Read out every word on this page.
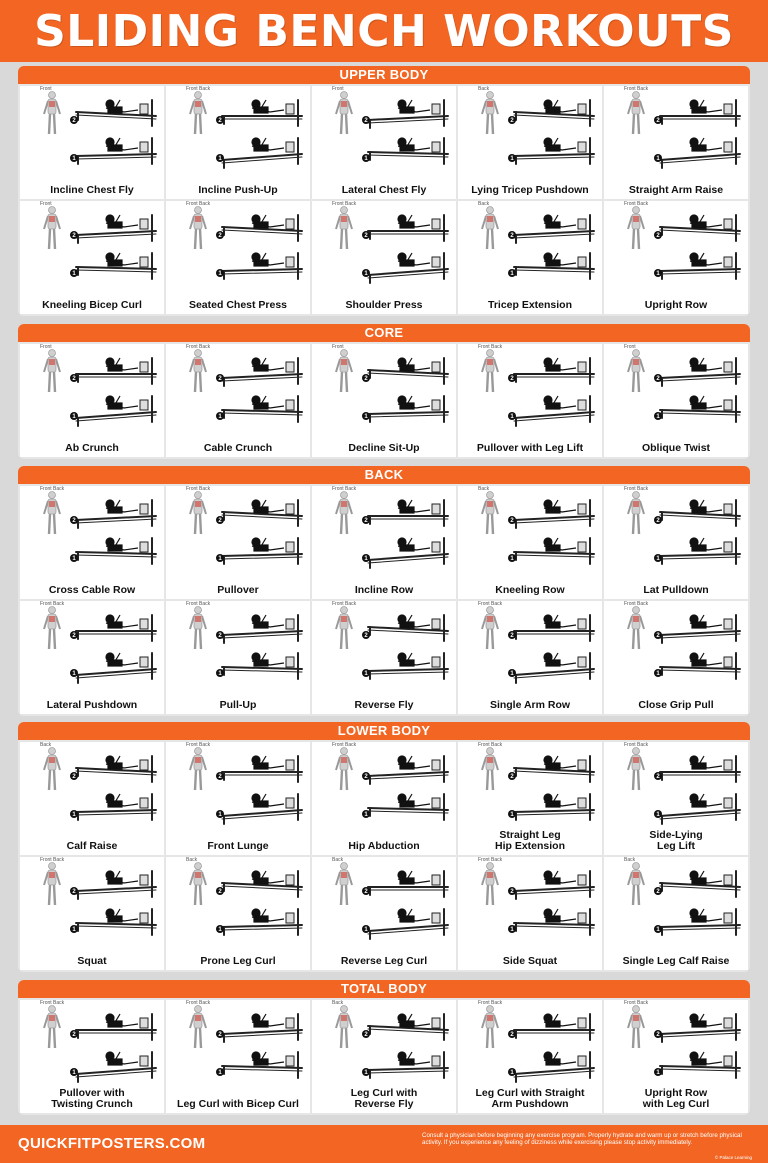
SLIDING BENCH WORKOUTS
UPPER BODY
Front
2
1
Incline Chest Fly
Front Back
2
1
Incline Push-Up
Front
2
1
Lateral Chest Fly
Back
2
1
Lying Tricep Pushdown
Front Back
2
1
Straight Arm Raise
Front
2
1
Kneeling Bicep Curl
Front Back
2
1
Seated Chest Press
Front Back
2
1
Shoulder Press
Back
2
1
Tricep Extension
Front Back
2
1
Upright Row
CORE
Front
2
1
Ab Crunch
Front Back
2
1
Cable Crunch
Front
2
1
Decline Sit-Up
Front Back
2
1
Pullover with Leg Lift
Front
2
1
Oblique Twist
BACK
Front Back
2
1
Cross Cable Row
Front Back
2
1
Pullover
Front Back
2
1
Incline Row
Back
2
1
Kneeling Row
Front Back
2
1
Lat Pulldown
Front Back
2
1
Lateral Pushdown
Front Back
2
1
Pull-Up
Front Back
2
1
Reverse Fly
Front Back
2
1
Single Arm Row
Front Back
2
1
Close Grip Pull
LOWER BODY
Back
2
1
Calf Raise
Front Back
2
1
Front Lunge
Front Back
2
1
Hip Abduction
Front Back
2
1
Straight Leg
Hip Extension
Front Back
2
1
Side-Lying
Leg Lift
Front Back
2
1
Squat
Back
2
1
Prone Leg Curl
Back
2
1
Reverse Leg Curl
Front Back
2
1
Side Squat
Back
2
1
Single Leg Calf Raise
TOTAL BODY
Front Back
2
1
Pullover with
Twisting Crunch
Front Back
2
1
Leg Curl with Bicep Curl
Back
2
1
Leg Curl with
Reverse Fly
Front Back
2
1
Leg Curl with Straight
Arm Pushdown
Front Back
2
1
Upright Row
with Leg Curl
QUICKFITPOSTERS.COM	Consult a physician before beginning any exercise program. Properly hydrate and warm up or stretch before physical activity. If you experience any feeling of dizziness while exercising please stop activity immediately.
© Palace Learning
